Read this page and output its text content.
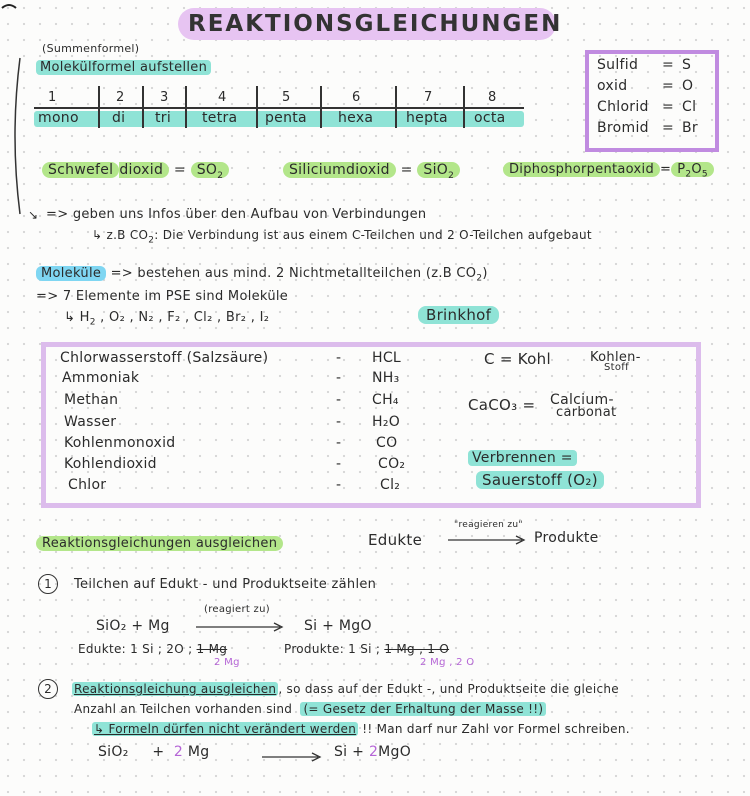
REAKTIONSGLEICHUNGEN
(Summenformel)
Molekülformel aufstellen
1	2	3	4	5	6	7	8
mono di tri tetra penta hexa hepta octa
Sulfid = S
oxid = O
Chlorid = Cl
Bromid = Br
Schwefel dioxid = $SO_2$	Siliciumdioxid = SiO$_2$	Diphosphorpentaoxid = $P_2O_5$
↘ => geben uns Infos über den Aufbau von Verbindungen
↳ z.B $CO_2$: Die Verbindung ist aus einem C-Teilchen und 2 O-Teilchen aufgebaut
Moleküle => bestehen aus mind. 2 Nichtmetallteilchen (z.B $CO_2$)
=> 7 Elemente im PSE sind Moleküle
↳ $H_2$ , O₂ , N₂ , F₂ , Cl₂ , Br₂ , I₂	Brinkhof
Chlorwasserstoff (Salzsäure)	- HCL
Ammoniak	- NH₃
Methan	- CH₄
Wasser	- H₂O
Kohlenmonoxid	- CO
Kohlendioxid	-	CO₂
Chlor	-	Cl₂
C = Kohl	Kohlen-
Stoff
CaCO₃ = Calcium-
carbonat
Verbrennen =
Sauerstoff (O₂)
Reaktionsgleichungen ausgleichen	Edukte
"reagieren zu"
Produkte
1	Teilchen auf Edukt - und Produktseite zählen
SiO₂ + Mg
(reagiert zu)
Si + MgO
Edukte: 1 Si ; 2O ; 1 Mg
2 Mg
Produkte: 1 Si ; 1 Mg , 1 O
2 Mg , 2 O
2	Reaktionsgleichung ausgleichen , so dass auf der Edukt -, und Produktseite die gleiche
Anzahl an Teilchen vorhanden sind (= Gesetz der Erhaltung der Masse !!)
↳ Formeln dürfen nicht verändert werden !! Man darf nur Zahl vor Formel schreiben.
SiO₂ + 2 Mg	Si + 2MgO
